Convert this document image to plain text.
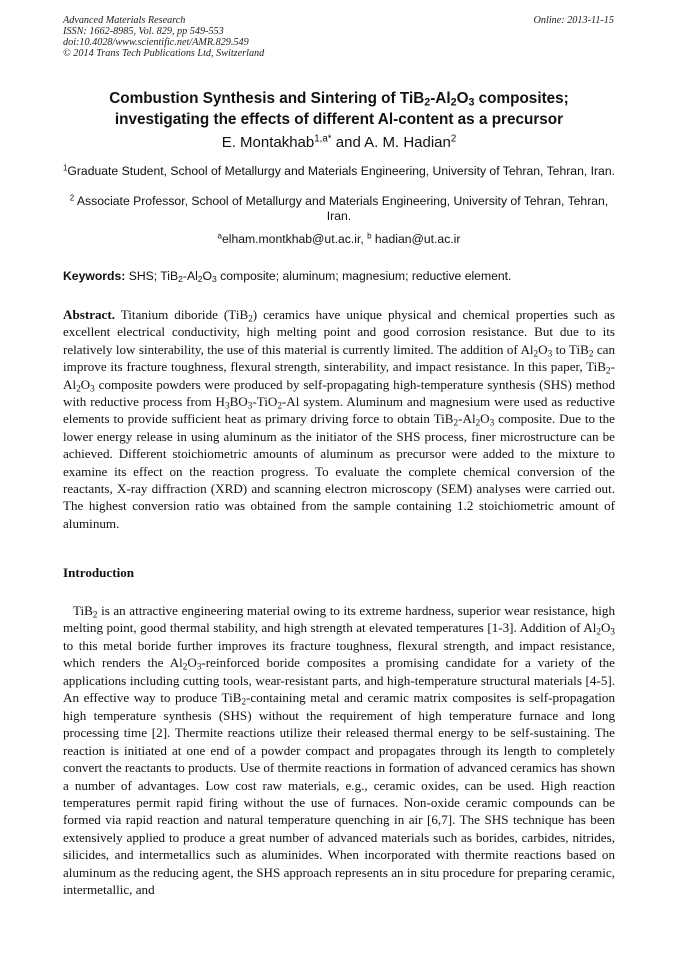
Advanced Materials Research
ISSN: 1662-8985, Vol. 829, pp 549-553
doi:10.4028/www.scientific.net/AMR.829.549
© 2014 Trans Tech Publications Ltd, Switzerland
Online: 2013-11-15
Combustion Synthesis and Sintering of $TiB_2-Al_2O_3$ composites;
investigating the effects of different Al-content as a precursor
E. Montakhab$^{1,a*}$ and A. M. Hadian$^2$
$^1$Graduate Student, School of Metallurgy and Materials Engineering, University of Tehran, Tehran, Iran.
$^2$ Associate Professor, School of Metallurgy and Materials Engineering, University of Tehran, Tehran, Iran.
$^a$elham.montkhab@ut.ac.ir, $^b$ hadian@ut.ac.ir
Keywords: SHS; $TiB_2-Al_2O_3$ composite; aluminum; magnesium; reductive element.
Abstract. Titanium diboride (TiB$_2$) ceramics have unique physical and chemical properties such as excellent electrical conductivity, high melting point and good corrosion resistance. But due to its relatively low sinterability, the use of this material is currently limited. The addition of $Al_2O_3$ to TiB$_2$ can improve its fracture toughness, flexural strength, sinterability, and impact resistance. In this paper, $TiB_2-Al_2O_3$ composite powders were produced by self-propagating high-temperature synthesis (SHS) method with reductive process from $H_3BO_3-TiO_2-Al$ system. Aluminum and magnesium were used as reductive elements to provide sufficient heat as primary driving force to obtain $TiB_2-Al_2O_3$ composite. Due to the lower energy release in using aluminum as the initiator of the SHS process, finer microstructure can be achieved. Different stoichiometric amounts of aluminum as precursor were added to the mixture to examine its effect on the reaction progress. To evaluate the complete chemical conversion of the reactants, X-ray diffraction (XRD) and scanning electron microscopy (SEM) analyses were carried out. The highest conversion ratio was obtained from the sample containing 1.2 stoichiometric amount of aluminum.
Introduction
TiB$_2$ is an attractive engineering material owing to its extreme hardness, superior wear resistance, high melting point, good thermal stability, and high strength at elevated temperatures [1-3]. Addition of $Al_2O_3$ to this metal boride further improves its fracture toughness, flexural strength, and impact resistance, which renders the $Al_2O_3$-reinforced boride composites a promising candidate for a variety of the applications including cutting tools, wear-resistant parts, and high-temperature structural materials [4-5]. An effective way to produce TiB$_2$-containing metal and ceramic matrix composites is self-propagation high temperature synthesis (SHS) without the requirement of high temperature furnace and long processing time [2]. Thermite reactions utilize their released thermal energy to be self-sustaining. The reaction is initiated at one end of a powder compact and propagates through its length to completely convert the reactants to products. Use of thermite reactions in formation of advanced ceramics has shown a number of advantages. Low cost raw materials, e.g., ceramic oxides, can be used. High reaction temperatures permit rapid firing without the use of furnaces. Non-oxide ceramic compounds can be formed via rapid reaction and natural temperature quenching in air [6,7]. The SHS technique has been extensively applied to produce a great number of advanced materials such as borides, carbides, nitrides, silicides, and intermetallics such as aluminides. When incorporated with thermite reactions based on aluminum as the reducing agent, the SHS approach represents an in situ procedure for preparing ceramic, intermetallic, and
